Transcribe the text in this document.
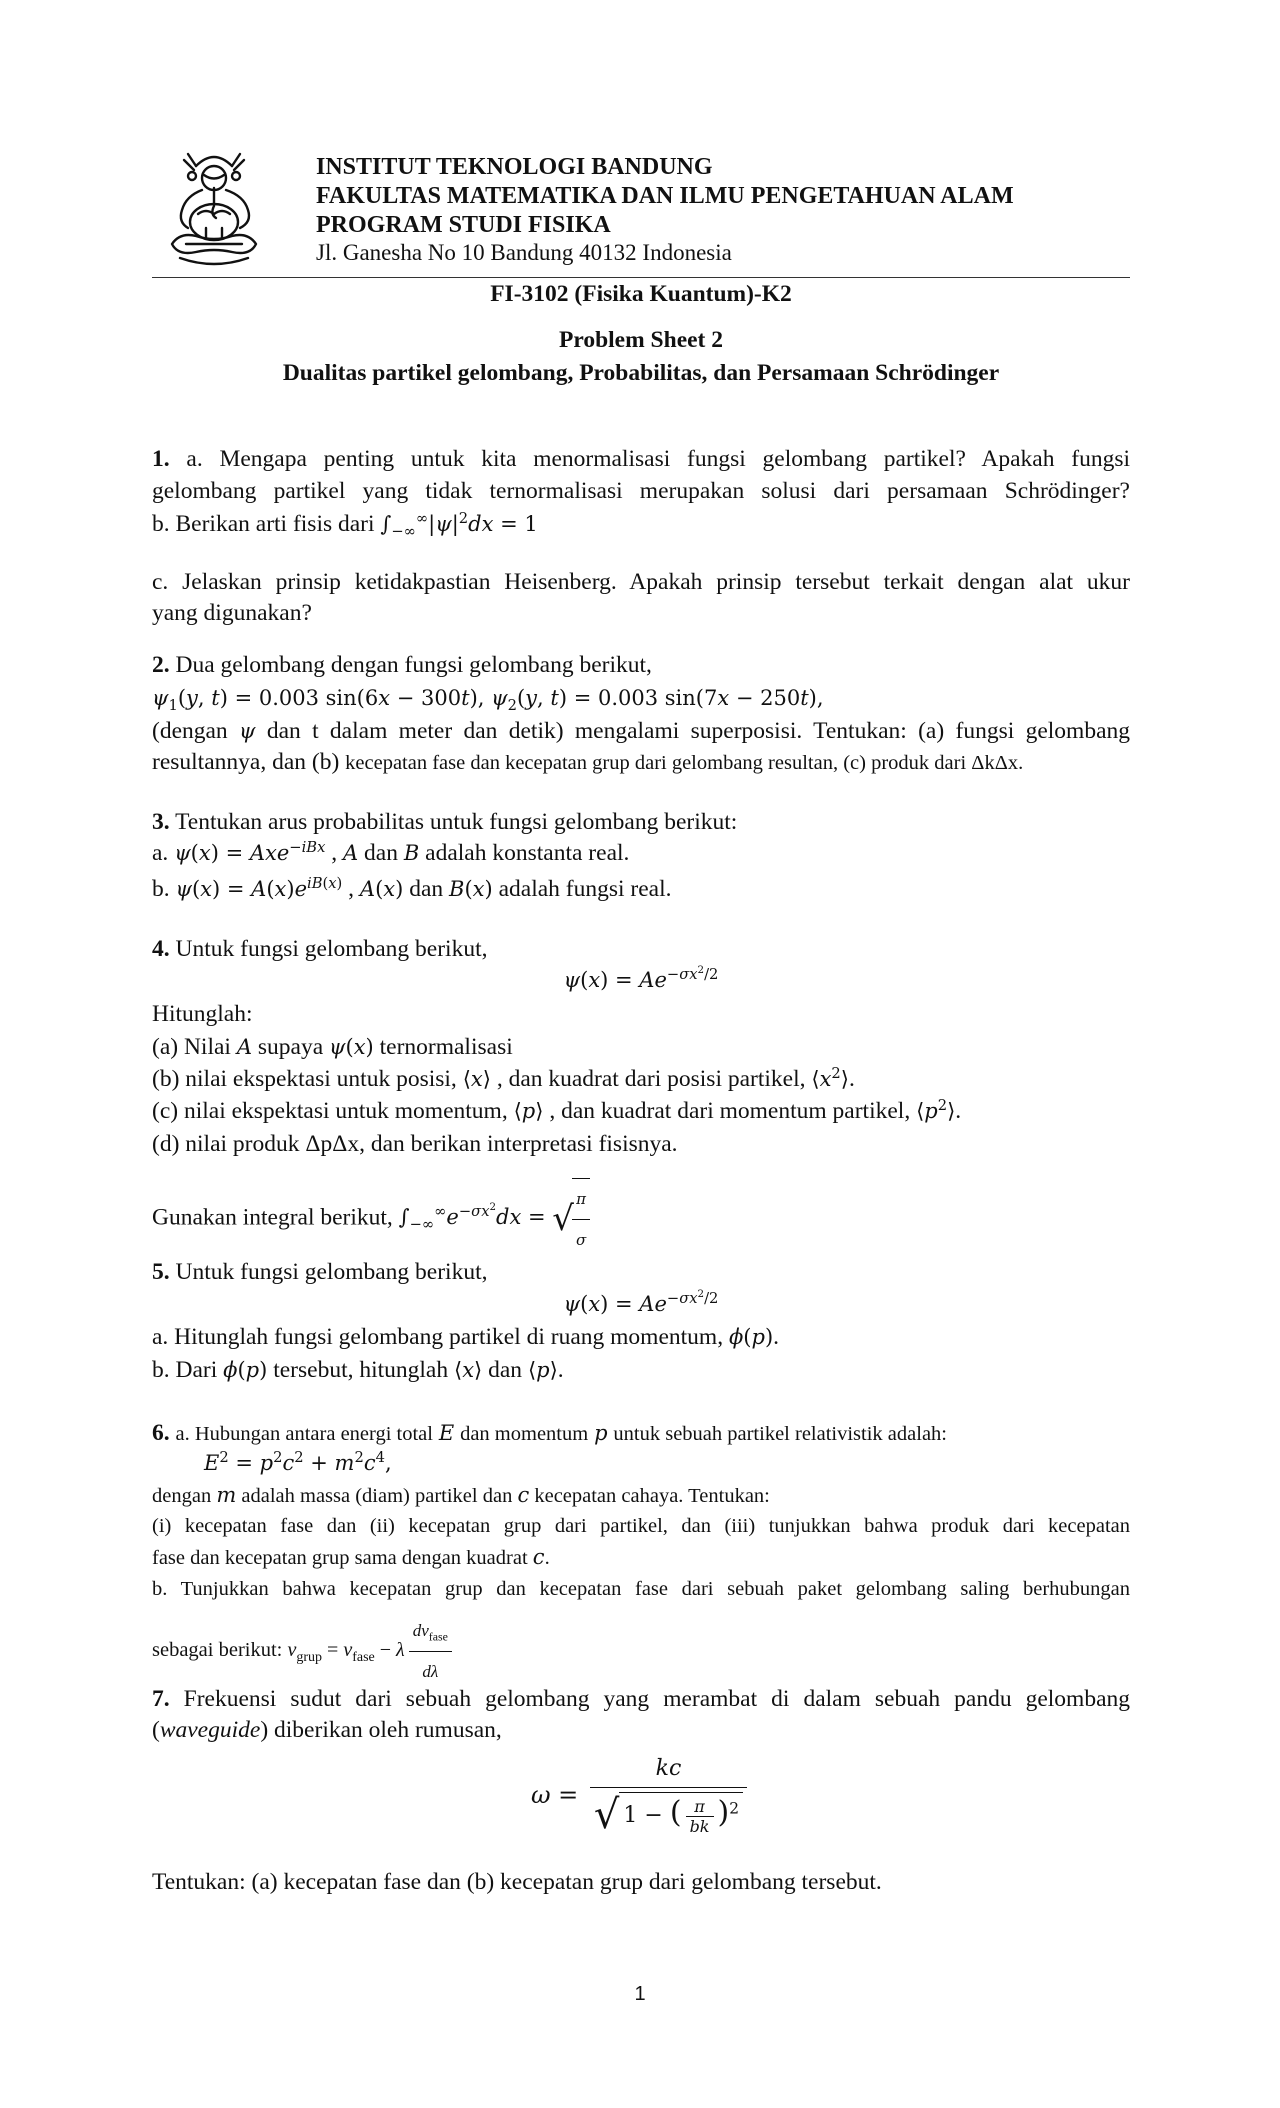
INSTITUT TEKNOLOGI BANDUNG
FAKULTAS MATEMATIKA DAN ILMU PENGETAHUAN ALAM
PROGRAM STUDI FISIKA
Jl. Ganesha No 10 Bandung 40132 Indonesia
FI-3102 (Fisika Kuantum)-K2
Problem Sheet 2
Dualitas partikel gelombang, Probabilitas, dan Persamaan Schrödinger
1. a. Mengapa penting untuk kita menormalisasi fungsi gelombang partikel? Apakah fungsi
gelombang partikel yang tidak ternormalisasi merupakan solusi dari persamaan Schrödinger?
b. Berikan arti fisis dari $\int_{-\infty}^\infty|\psi|^2dx = 1$
c. Jelaskan prinsip ketidakpastian Heisenberg. Apakah prinsip tersebut terkait dengan alat ukur
yang digunakan?
2. Dua gelombang dengan fungsi gelombang berikut,
$\psi_1(y$, t) = 0.003 sin(6x − 300t), $\psi_2(y$, t) = 0.003 sin(7x − 250t),
(dengan ψ dan t dalam meter dan detik) mengalami superposisi. Tentukan: (a) fungsi gelombang
resultannya, dan (b) kecepatan fase dan kecepatan grup dari gelombang resultan, (c) produk dari ΔkΔx.
3. Tentukan arus probabilitas untuk fungsi gelombang berikut:
a. ψ(x) = Axe$^{-iBx}$ , A dan B adalah konstanta real.
b. $\psi(x) = A(x)e^{iB(x)}$ , A(x) dan B(x) adalah fungsi real.
4. Untuk fungsi gelombang berikut,
$\psi(x) = Ae^{-\sigma x^2/2}$
Hitunglah:
(a) Nilai A supaya ψ(x) ternormalisasi
(b) nilai ekspektasi untuk posisi, ⟨x⟩ , dan kuadrat dari posisi partikel, $⟨x^2⟩$.
(c) nilai ekspektasi untuk momentum, ⟨p⟩ , dan kuadrat dari momentum partikel, $⟨p^2⟩$.
(d) nilai produk ΔpΔx, dan berikan interpretasi fisisnya.
Gunakan integral berikut, $\int_{-\infty}^\infty e^{-\sigma x^2}dx$ = √
$\frac{\pi}{\sigma}$
5. Untuk fungsi gelombang berikut,
$\psi(x) = Ae^{-\sigma x^2/2}$
a. Hitunglah fungsi gelombang partikel di ruang momentum, ϕ(p).
b. Dari ϕ(p) tersebut, hitunglah ⟨x⟩ dan ⟨p⟩.
6. a. Hubungan antara energi total E dan momentum p untuk sebuah partikel relativistik adalah:
$E^2 = p^2c^2 + m^2c^4$,
dengan m adalah massa (diam) partikel dan c kecepatan cahaya. Tentukan:
(i) kecepatan fase dan (ii) kecepatan grup dari partikel, dan (iii) tunjukkan bahwa produk dari kecepatan
fase dan kecepatan grup sama dengan kuadrat c.
b. Tunjukkan bahwa kecepatan grup dan kecepatan fase dari sebuah paket gelombang saling berhubungan
sebagai berikut: $v_{grup} = v_{fase} - \lambda \frac{dv_{fase}}{d\lambda}$
7. Frekuensi sudut dari sebuah gelombang yang merambat di dalam sebuah pandu gelombang
(waveguide) diberikan oleh rumusan,
$\omega = \frac{kc}{√ 1 - ( \frac{\pi}{bk} )^2}$
Tentukan: (a) kecepatan fase dan (b) kecepatan grup dari gelombang tersebut.
1
